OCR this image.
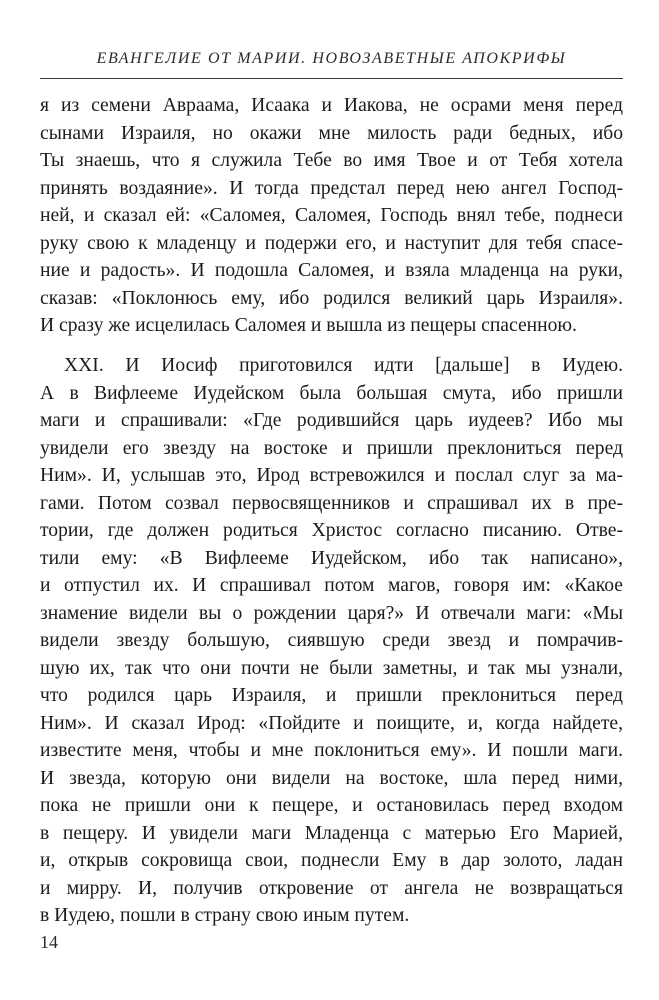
ЕВАНГЕЛИЕ ОТ МАРИИ. НОВОЗАВЕТНЫЕ АПОКРИФЫ
я из семени Авраама, Исаака и Иакова, не осрами меня перед
сынами Израиля, но окажи мне милость ради бедных, ибо
Ты знаешь, что я служила Тебе во имя Твое и от Тебя хотела
принять воздаяние». И тогда предстал перед нею ангел Господ-
ней, и сказал ей: «Саломея, Саломея, Господь внял тебе, поднеси
руку свою к младенцу и подержи его, и наступит для тебя спасе-
ние и радость». И подошла Саломея, и взяла младенца на руки,
сказав: «Поклонюсь ему, ибо родился великий царь Израиля».
И сразу же исцелилась Саломея и вышла из пещеры спасенною.
XXI. И Иосиф приготовился идти [дальше] в Иудею.
А в Вифлееме Иудейском была большая смута, ибо пришли
маги и спрашивали: «Где родившийся царь иудеев? Ибо мы
увидели его звезду на востоке и пришли преклониться перед
Ним». И, услышав это, Ирод встревожился и послал слуг за ма-
гами. Потом созвал первосвященников и спрашивал их в пре-
тории, где должен родиться Христос согласно писанию. Отве-
тили ему: «В Вифлееме Иудейском, ибо так написано»,
и отпустил их. И спрашивал потом магов, говоря им: «Какое
знамение видели вы о рождении царя?» И отвечали маги: «Мы
видели звезду большую, сиявшую среди звезд и помрачив-
шую их, так что они почти не были заметны, и так мы узнали,
что родился царь Израиля, и пришли преклониться перед
Ним». И сказал Ирод: «Пойдите и поищите, и, когда найдете,
известите меня, чтобы и мне поклониться ему». И пошли маги.
И звезда, которую они видели на востоке, шла перед ними,
пока не пришли они к пещере, и остановилась перед входом
в пещеру. И увидели маги Младенца с матерью Его Марией,
и, открыв сокровища свои, поднесли Ему в дар золото, ладан
и мирру. И, получив откровение от ангела не возвращаться
в Иудею, пошли в страну свою иным путем.
14
